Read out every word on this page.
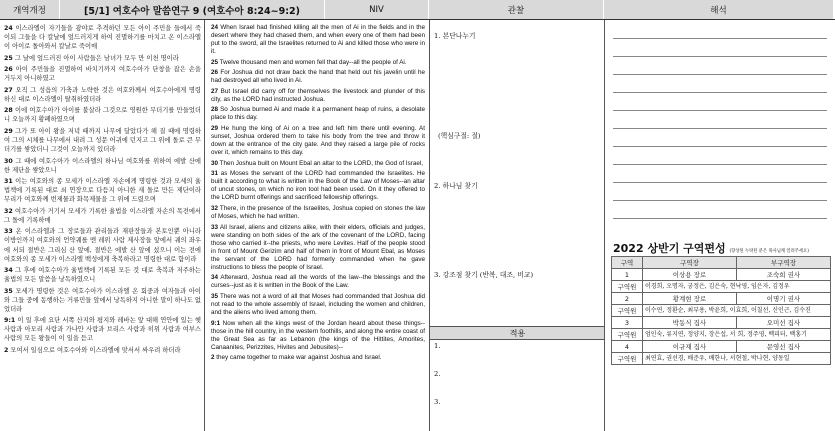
개역개정	[5/1] 여호수아 말씀연구 9 (여호수아 8:24~9:2)	NIV	관찰	해석

24 이스라엘이 자기들을 광야로 추격하던 모든 아이 주민을 들에서 죽이되 그들을 다 칼날에 엎드러지게 하여 진멸하기를 마치고 온 이스라엘이 아이로 돌아와서 칼날로 죽이매

25 그 날에 엎드러진 아이 사람들은 남녀가 모두 만 이천 명이라

26 아이 주민들을 진멸하여 바치기까지 여호수아가 단창을 잡은 손을 거두지 아니하였고

27 오직 그 성읍의 가축과 노략한 것은 여호와께서 여호수아에게 명령하신 대로 이스라엘이 탈취하였더라

28 이에 여호수아가 아이를 불살라 그것으로 영원한 무더기를 만들었더니 오늘까지 황폐하였으며

29 그가 또 아이 왕을 저녁 때까지 나무에 달았다가 해 질 때에 명령하여 그의 시체를 나무에서 내려 그 성문 어귀에 던지고 그 위에 돌로 큰 무더기를 쌓았더니 그것이 오늘까지 있더라

30 그 때에 여호수아가 이스라엘의 하나님 여호와를 위하여 에발 산에 한 제단을 쌓았으니

31 이는 여호와의 종 모세가 이스라엘 자손에게 명령한 것과 모세의 율법책에 기록된 대로 쇠 연장으로 다듬지 아니한 새 돌로 만든 제단이라 무리가 여호와께 번제물과 화목제물을 그 위에 드렸으며

32 여호수아가 거기서 모세가 기록한 율법을 이스라엘 자손의 목전에서 그 돌에 기록하매

33 온 이스라엘과 그 장로들과 관리들과 재판장들과 본토인뿐 아니라 이방인까지 여호와의 언약궤를 멘 레위 사람 제사장들 앞에서 궤의 좌우에 서되 절반은 그리심 산 앞에, 절반은 에발 산 앞에 섰으니 이는 전에 여호와의 종 모세가 이스라엘 백성에게 축복하라고 명령한 대로 함이라

34 그 후에 여호수아가 율법책에 기록된 모든 것 대로 축복과 저주하는 율법의 모든 말씀을 낭독하였으니

35 모세가 명령한 것은 여호수아가 이스라엘 온 회중과 여자들과 아이와 그들 중에 동행하는 거류민들 앞에서 낭독하지 아니한 말이 하나도 없었더라

9:1 이 일 후에 요단 서쪽 산지와 평지와 레바논 앞 대해 연안에 있는 헷 사람과 아모리 사람과 가나안 사람과 브리스 사람과 히위 사람과 여부스 사람의 모든 왕들이 이 일을 듣고

2 모여서 일심으로 여호수아와 이스라엘에 맞서서 싸우려 하더라

24 When Israel had finished killing all the men of Ai in the fields and in the desert where they had chased them, and when every one of them had been put to the sword, all the Israelites returned to Ai and killed those who were in it.

25 Twelve thousand men and women fell that day--all the people of Ai.

26 For Joshua did not draw back the hand that held out his javelin until he had destroyed all who lived in Ai.

27 But Israel did carry off for themselves the livestock and plunder of this city, as the LORD had instructed Joshua.

28 So Joshua burned Ai and made it a permanent heap of ruins, a desolate place to this day.

29 He hung the king of Ai on a tree and left him there until evening. At sunset, Joshua ordered them to take his body from the tree and throw it down at the entrance of the city gate. And they raised a large pile of rocks over it, which remains to this day.

30 Then Joshua built on Mount Ebal an altar to the LORD, the God of Israel,

31 as Moses the servant of the LORD had commanded the Israelites. He built it according to what is written in the Book of the Law of Moses--an altar of uncut stones, on which no iron tool had been used. On it they offered to the LORD burnt offerings and sacrificed fellowship offerings.

32 There, in the presence of the Israelites, Joshua copied on stones the law of Moses, which he had written.

33 All Israel, aliens and citizens alike, with their elders, officials and judges, were standing on both sides of the ark of the covenant of the LORD, facing those who carried it--the priests, who were Levites. Half of the people stood in front of Mount Gerizim and half of them in front of Mount Ebal, as Moses the servant of the LORD had formerly commanded when he gave instructions to bless the people of Israel.

34 Afterward, Joshua read all the words of the law--the blessings and the curses--just as it is written in the Book of the Law.

35 There was not a word of all that Moses had commanded that Joshua did not read to the whole assembly of Israel, including the women and children, and the aliens who lived among them.

9:1 Now when all the kings west of the Jordan heard about these things--those in the hill country, in the western foothills, and along the entire coast of the Great Sea as far as Lebanon (the kings of the Hittites, Amorites, Canaanites, Perizzites, Hivites and Jebusites)--

2 they came together to make war against Joshua and Israel.

1. 본단나누기
(핵심구절: 절)
2. 하나님 찾기
3. 강조점 찾기 (반복, 대조, 비교)
적용
1.
2.
3.
2022 상반기 구역편성 (향상된 누락된 분은 목사님께 알려주세요)
구역	구역장	부구역장
1	이상용 장로	조숙희 권사
구역원	이경희, 오명자, 궁정은, 김은숙, 현낙영, 임은자, 김정우	
2	황계현 장로	이명기 권사
구역원	이수연, 정환순, 최부용, 박윤희, 이효희, 이칠선, 신인근, 김수진	
3	박동식 집사	오미선 집사
구역원	엄인숙, 류지연, 정양지, 장은섭, 서 희, 정주영, 백피터, 백홍기	
4	이규재 집사	문영선 집사
구역원	최연효, 권선경, 배준우, 배한나, 서현철, 박나현, 양동일	
